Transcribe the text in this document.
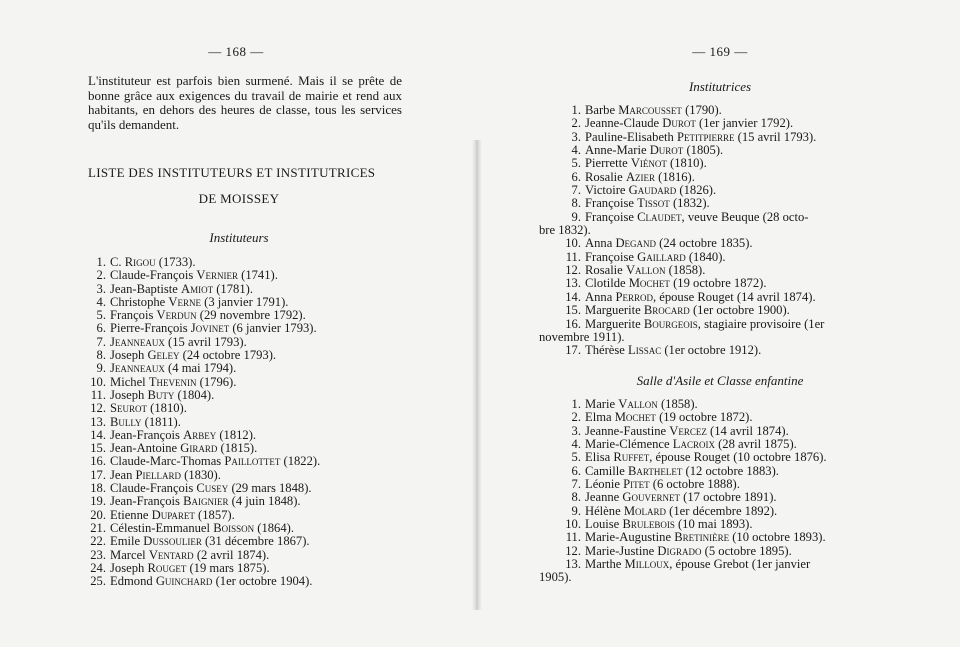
— 168 —
L'instituteur est parfois bien surmené. Mais il se prête de bonne grâce aux exigences du travail de mairie et rend aux habitants, en dehors des heures de classe, tous les services qu'ils demandent.
LISTE DES INSTITUTEURS ET INSTITUTRICES
DE MOISSEY
Instituteurs
1. C. Rigou (1733).
2. Claude-François Vernier (1741).
3. Jean-Baptiste Amiot (1781).
4. Christophe Verne (3 janvier 1791).
5. François Verdun (29 novembre 1792).
6. Pierre-François Jovinet (6 janvier 1793).
7. Jeanneaux (15 avril 1793).
8. Joseph Geley (24 octobre 1793).
9. Jeanneaux (4 mai 1794).
10. Michel Thevenin (1796).
11. Joseph Buty (1804).
12. Seurot (1810).
13. Bully (1811).
14. Jean-François Arbey (1812).
15. Jean-Antoine Girard (1815).
16. Claude-Marc-Thomas Paillottet (1822).
17. Jean Piellard (1830).
18. Claude-François Cusey (29 mars 1848).
19. Jean-François Baignier (4 juin 1848).
20. Etienne Duparet (1857).
21. Célestin-Emmanuel Boisson (1864).
22. Emile Dussoulier (31 décembre 1867).
23. Marcel Ventard (2 avril 1874).
24. Joseph Rouget (19 mars 1875).
25. Edmond Guinchard (1er octobre 1904).
— 169 —
Institutrices
1. Barbe Marcousset (1790).
2. Jeanne-Claude Durot (1er janvier 1792).
3. Pauline-Elisabeth Petitpierre (15 avril 1793).
4. Anne-Marie Durot (1805).
5. Pierrette Viénot (1810).
6. Rosalie Azier (1816).
7. Victoire Gaudard (1826).
8. Françoise Tissot (1832).
9. Françoise Claudet, veuve Beuque (28 octo-
bre 1832).
10. Anna Degand (24 octobre 1835).
11. Françoise Gaillard (1840).
12. Rosalie Vallon (1858).
13. Clotilde Mochet (19 octobre 1872).
14. Anna Perrod, épouse Rouget (14 avril 1874).
15. Marguerite Brocard (1er octobre 1900).
16. Marguerite Bourgeois, stagiaire provisoire (1er
novembre 1911).
17. Thérèse Lissac (1er octobre 1912).
Salle d'Asile et Classe enfantine
1. Marie Vallon (1858).
2. Elma Mochet (19 octobre 1872).
3. Jeanne-Faustine Vercez (14 avril 1874).
4. Marie-Clémence Lacroix (28 avril 1875).
5. Elisa Ruffet, épouse Rouget (10 octobre 1876).
6. Camille Barthelet (12 octobre 1883).
7. Léonie Pitet (6 octobre 1888).
8. Jeanne Gouvernet (17 octobre 1891).
9. Hélène Molard (1er décembre 1892).
10. Louise Brulebois (10 mai 1893).
11. Marie-Augustine Bretinière (10 octobre 1893).
12. Marie-Justine Digrado (5 octobre 1895).
13. Marthe Milloux, épouse Grebot (1er janvier
1905).
